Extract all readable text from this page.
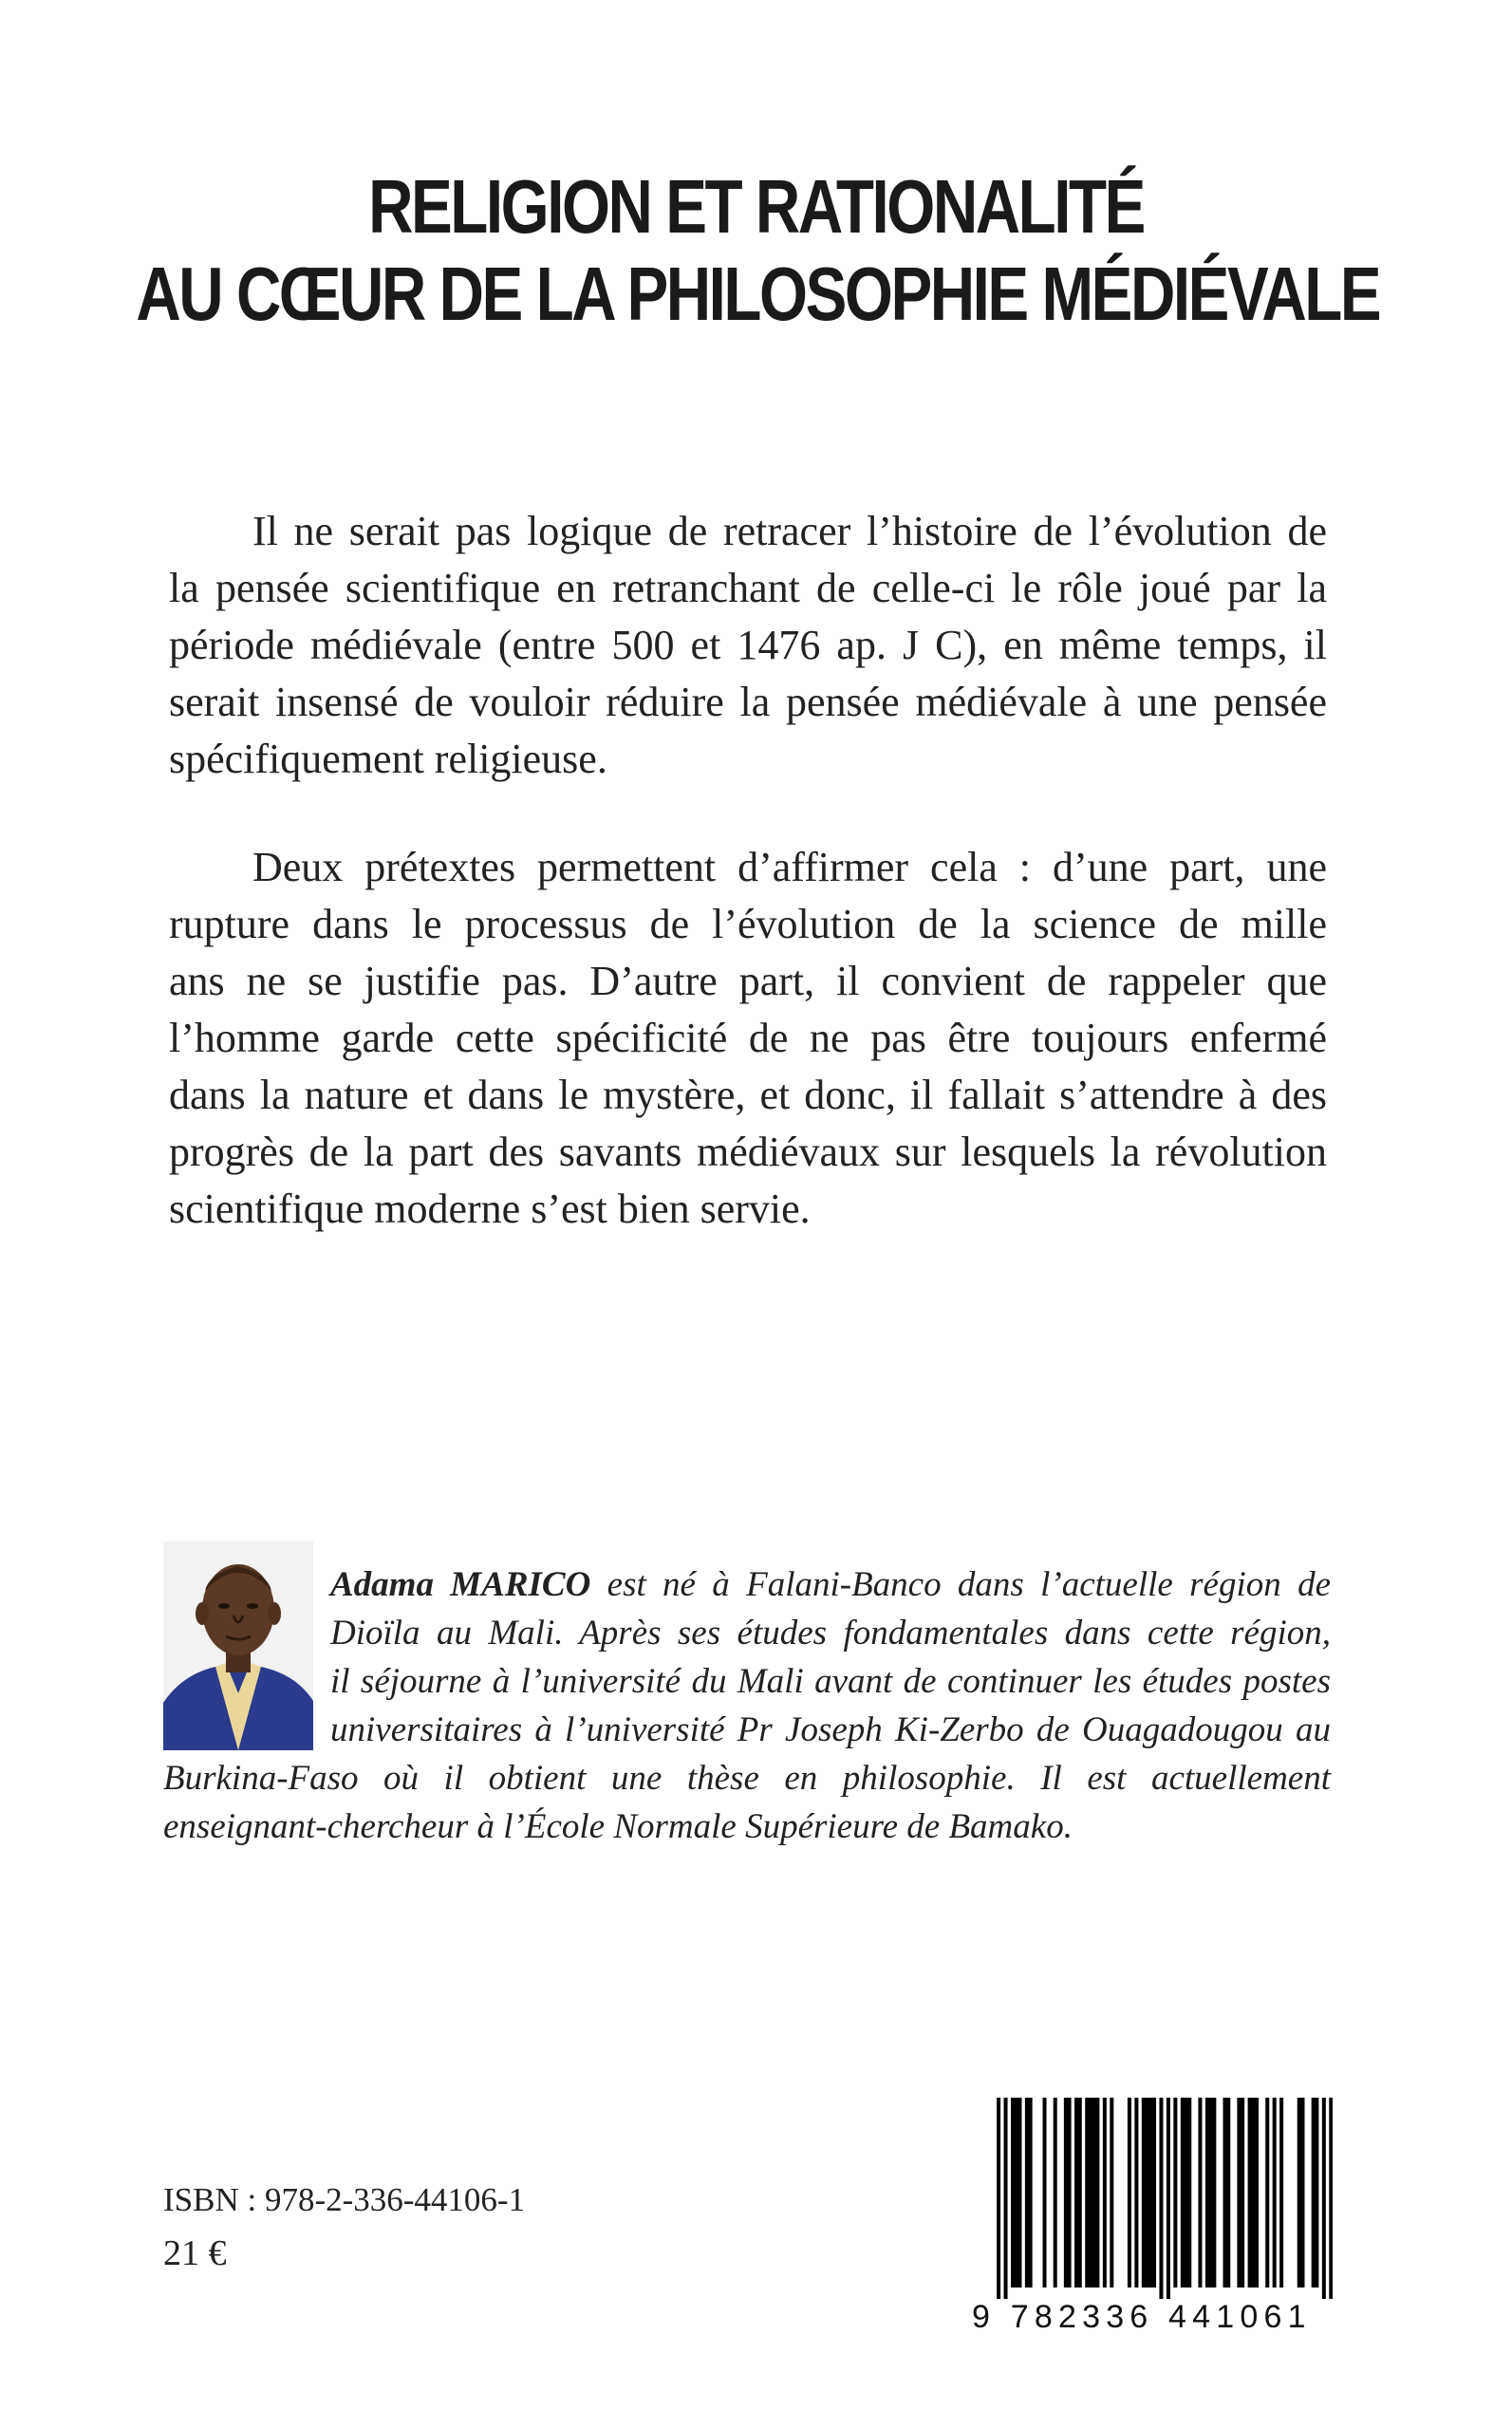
RELIGION ET RATIONALITÉ
AU CŒUR DE LA PHILOSOPHIE MÉDIÉVALE
  Il ne serait pas logique de retracer l’histoire de l’évolution de
la pensée scientifique en retranchant de celle-ci le rôle joué par la
période médiévale (entre 500 et 1476 ap. J C), en même temps, il
serait insensé de vouloir réduire la pensée médiévale à une pensée
spécifiquement religieuse.
  Deux prétextes permettent d’affirmer cela : d’une part, une
rupture dans le processus de l’évolution de la science de mille
ans ne se justifie pas. D’autre part, il convient de rappeler que
l’homme garde cette spécificité de ne pas être toujours enfermé
dans la nature et dans le mystère, et donc, il fallait s’attendre à des
progrès de la part des savants médiévaux sur lesquels la révolution
scientifique moderne s’est bien servie.
Adama MARICO est né à Falani-Banco dans l’actuelle région de
Dioïla au Mali. Après ses études fondamentales dans cette région,
il séjourne à l’université du Mali avant de continuer les études postes
universitaires à l’université Pr Joseph Ki-Zerbo de Ouagadougou au
Burkina-Faso où il obtient une thèse en philosophie. Il est actuellement
enseignant-chercheur à l’École Normale Supérieure de Bamako.
ISBN : 978-2-336-44106-1
21 €
9 782336 441061
